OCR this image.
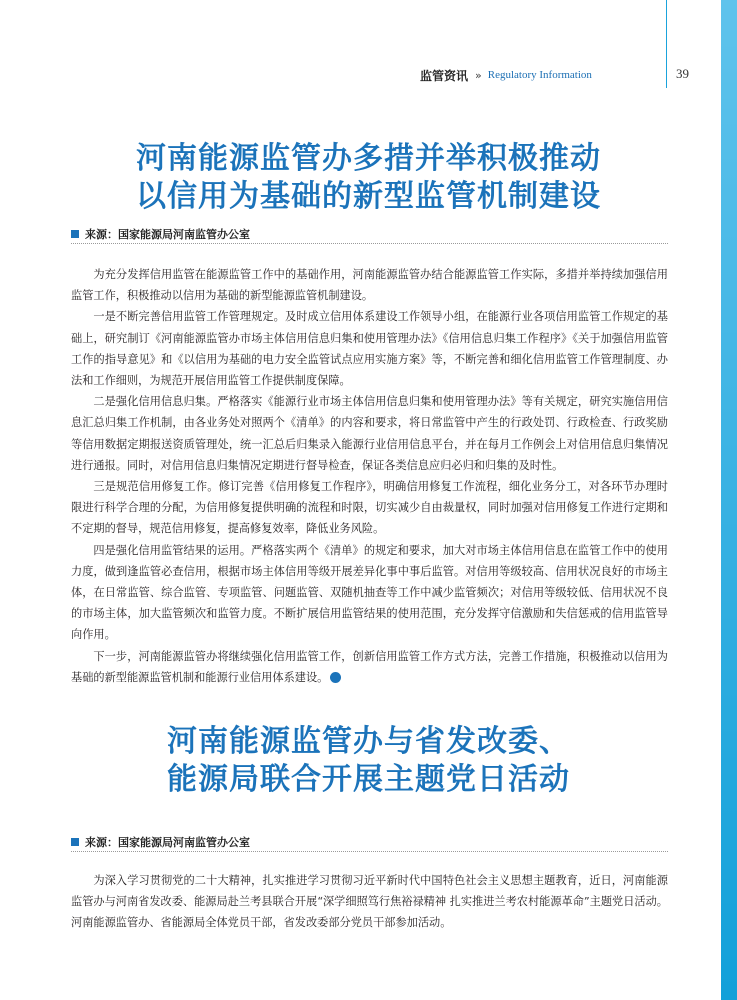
监管资讯 » Regulatory Information	39
河南能源监管办多措并举积极推动
以信用为基础的新型监管机制建设
来源：国家能源局河南监管办公室

为充分发挥信用监管在能源监管工作中的基础作用，河南能源监管办结合能源监管工作实际，多措并举持续加强信用监管工作，积极推动以信用为基础的新型能源监管机制建设。

一是不断完善信用监管工作管理规定。及时成立信用体系建设工作领导小组，在能源行业各项信用监管工作规定的基础上，研究制订《河南能源监管办市场主体信用信息归集和使用管理办法》《信用信息归集工作程序》《关于加强信用监管工作的指导意见》和《以信用为基础的电力安全监管试点应用实施方案》等，不断完善和细化信用监管工作管理制度、办法和工作细则，为规范开展信用监管工作提供制度保障。

二是强化信用信息归集。严格落实《能源行业市场主体信用信息归集和使用管理办法》等有关规定，研究实施信用信息汇总归集工作机制，由各业务处对照两个《清单》的内容和要求，将日常监管中产生的行政处罚、行政检查、行政奖励等信用数据定期报送资质管理处，统一汇总后归集录入能源行业信用信息平台，并在每月工作例会上对信用信息归集情况进行通报。同时，对信用信息归集情况定期进行督导检查，保证各类信息应归必归和归集的及时性。

三是规范信用修复工作。修订完善《信用修复工作程序》，明确信用修复工作流程，细化业务分工，对各环节办理时限进行科学合理的分配，为信用修复提供明确的流程和时限，切实减少自由裁量权，同时加强对信用修复工作进行定期和不定期的督导，规范信用修复，提高修复效率，降低业务风险。

四是强化信用监管结果的运用。严格落实两个《清单》的规定和要求，加大对市场主体信用信息在监管工作中的使用力度，做到逢监管必查信用，根据市场主体信用等级开展差异化事中事后监管。对信用等级较高、信用状况良好的市场主体，在日常监管、综合监管、专项监管、问题监管、双随机抽查等工作中减少监管频次；对信用等级较低、信用状况不良的市场主体，加大监管频次和监管力度。不断扩展信用监管结果的使用范围，充分发挥守信激励和失信惩戒的信用监管导向作用。

下一步，河南能源监管办将继续强化信用监管工作，创新信用监管工作方式方法，完善工作措施，积极推动以信用为基础的新型能源监管机制和能源行业信用体系建设。	e

河南能源监管办与省发改委、
能源局联合开展主题党日活动
来源：国家能源局河南监管办公室

为深入学习贯彻党的二十大精神，扎实推进学习贯彻习近平新时代中国特色社会主义思想主题教育，近日，河南能源监管办与河南省发改委、能源局赴兰考县联合开展“深学细照笃行焦裕禄精神 扎实推进兰考农村能源革命”主题党日活动。河南能源监管办、省能源局全体党员干部，省发改委部分党员干部参加活动。
